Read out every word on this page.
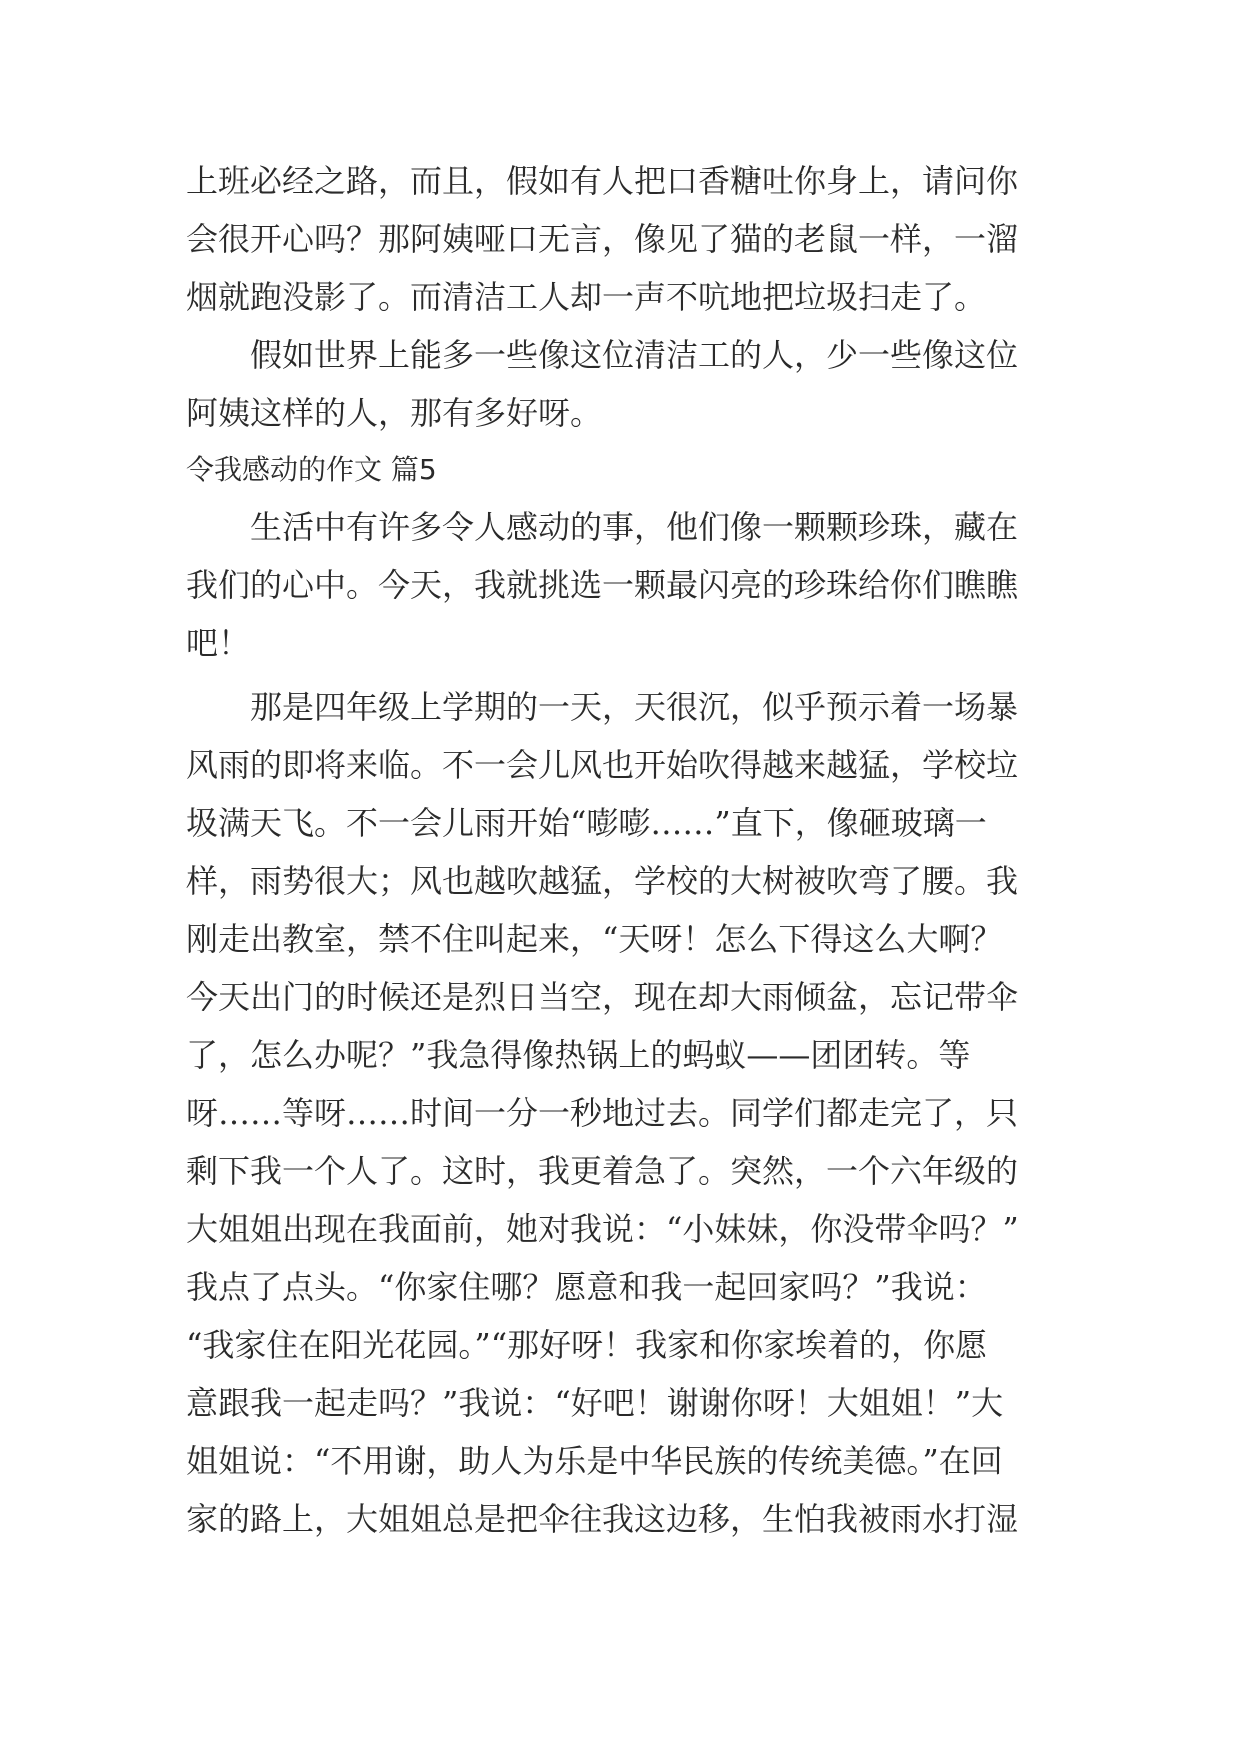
上班必经之路，而且，假如有人把口香糖吐你身上，请问你
会很开心吗？那阿姨哑口无言，像见了猫的老鼠一样，一溜
烟就跑没影了。而清洁工人却一声不吭地把垃圾扫走了。
假如世界上能多一些像这位清洁工的人，少一些像这位
阿姨这样的人，那有多好呀。
令我感动的作文 篇5
生活中有许多令人感动的事，他们像一颗颗珍珠，藏在
我们的心中。今天，我就挑选一颗最闪亮的珍珠给你们瞧瞧
吧！
那是四年级上学期的一天，天很沉，似乎预示着一场暴
风雨的即将来临。不一会儿风也开始吹得越来越猛，学校垃
圾满天飞。不一会儿雨开始“嘭嘭……”直下，像砸玻璃一
样，雨势很大；风也越吹越猛，学校的大树被吹弯了腰。我
刚走出教室，禁不住叫起来，“天呀！怎么下得这么大啊？
今天出门的时候还是烈日当空，现在却大雨倾盆，忘记带伞
了，怎么办呢？”我急得像热锅上的蚂蚁——团团转。等
呀……等呀……时间一分一秒地过去。同学们都走完了，只
剩下我一个人了。这时，我更着急了。突然，一个六年级的
大姐姐出现在我面前，她对我说：“小妹妹，你没带伞吗？”
我点了点头。“你家住哪？愿意和我一起回家吗？”我说：
“我家住在阳光花园。”“那好呀！我家和你家埃着的，你愿
意跟我一起走吗？”我说：“好吧！谢谢你呀！大姐姐！”大
姐姐说：“不用谢，助人为乐是中华民族的传统美德。”在回
家的路上，大姐姐总是把伞往我这边移，生怕我被雨水打湿
